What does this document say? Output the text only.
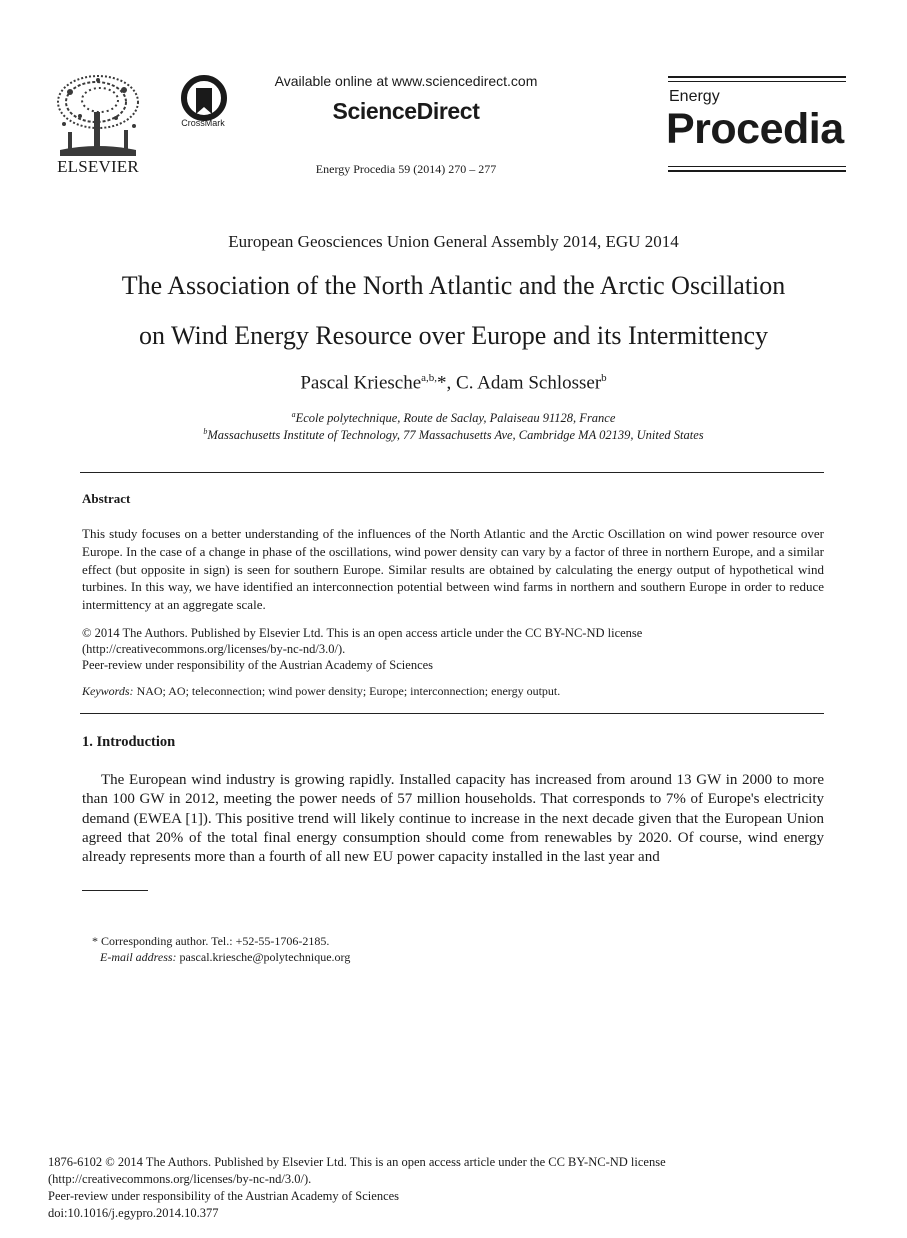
ELSEVIER
CrossMark
Available online at www.sciencedirect.com
ScienceDirect
Energy Procedia 59 (2014) 270 – 277
Energy
Procedia
European Geosciences Union General Assembly 2014, EGU 2014
The Association of the North Atlantic and the Arctic Oscillation
on Wind Energy Resource over Europe and its Intermittency
Pascal Kriesche$^{a,b,}$*, C. Adam Schlosser$^b$
$^a$Ecole polytechnique, Route de Saclay, Palaiseau 91128, France
$^b$Massachusetts Institute of Technology, 77 Massachusetts Ave, Cambridge MA 02139, United States
Abstract
This study focuses on a better understanding of the influences of the North Atlantic and the Arctic Oscillation on wind power resource over Europe. In the case of a change in phase of the oscillations, wind power density can vary by a factor of three in northern Europe, and a similar effect (but opposite in sign) is seen for southern Europe. Similar results are obtained by calculating the energy output of hypothetical wind turbines. In this way, we have identified an interconnection potential between wind farms in northern and southern Europe in order to reduce intermittency at an aggregate scale.
© 2014 The Authors. Published by Elsevier Ltd. This is an open access article under the CC BY-NC-ND license
(http://creativecommons.org/licenses/by-nc-nd/3.0/).
Peer-review under responsibility of the Austrian Academy of Sciences
Keywords: NAO; AO; teleconnection; wind power density; Europe; interconnection; energy output.
1. Introduction
The European wind industry is growing rapidly. Installed capacity has increased from around 13 GW in 2000 to more than 100 GW in 2012, meeting the power needs of 57 million households. That corresponds to 7% of Europe's electricity demand (EWEA [1]). This positive trend will likely continue to increase in the next decade given that the European Union agreed that 20% of the total final energy consumption should come from renewables by 2020. Of course, wind energy already represents more than a fourth of all new EU power capacity installed in the last year and
* Corresponding author. Tel.: +52-55-1706-2185.
E-mail address: pascal.kriesche@polytechnique.org
1876-6102 © 2014 The Authors. Published by Elsevier Ltd. This is an open access article under the CC BY-NC-ND license
(http://creativecommons.org/licenses/by-nc-nd/3.0/).
Peer-review under responsibility of the Austrian Academy of Sciences
doi:10.1016/j.egypro.2014.10.377
